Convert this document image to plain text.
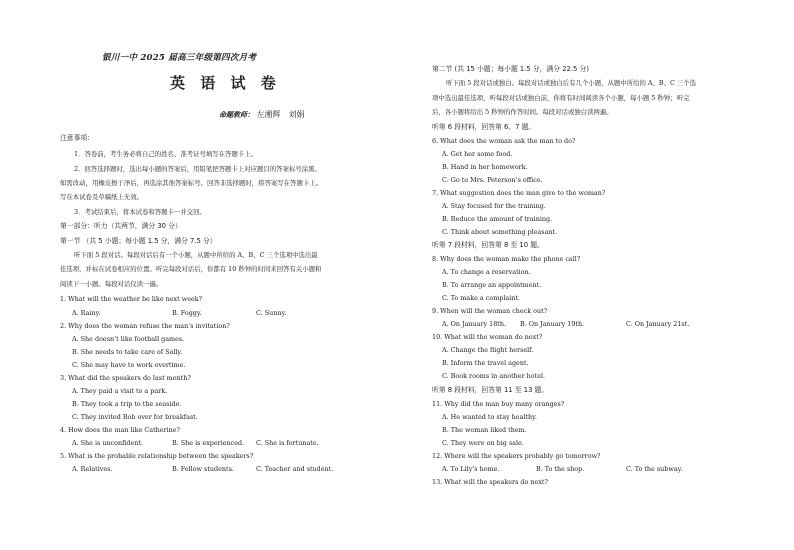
银川一中 2025 届高三年级第四次月考
英 语 试 卷
命题教师： 左湘辉　刘娟
注意事项：
1．答卷前，考生务必将自己的姓名、准考证号填写在答题卡上。
2．回答选择题时，选出每小题的答案后，用铅笔把答题卡上对应题目的答案标号涂黑。
如需改动，用橡皮擦干净后，再选涂其他答案标号。回答非选择题时，将答案写在答题卡上。
写在本试卷及草稿纸上无效。
3．考试结束后，将本试卷和答题卡一并交回。
第一部分：听力（共两节，满分 30 分）
第一节 （共 5 小题；每小题 1.5 分，满分 7.5 分）
听下面 5 段对话。每段对话后有一个小题，从题中所给的 A、B、C 三个选项中选出最
佳选项，并标在试卷相应的位置。听完每段对话后，你都有 10 秒钟的时间来回答有关小题和
阅读下一小题。每段对话仅读一遍。
1. What will the weather be like next week?
A. Rainy.	B. Foggy.	C. Sunny.
2. Why does the woman refuse the man’s invitation?
A. She doesn’t like football games.
B. She needs to take care of Sally.
C. She may have to work overtime.
3. What did the speakers do last month?
A. They paid a visit to a park.
B. They took a trip to the seaside.
C. They invited Bob over for breakfast.
4. How does the man like Catherine?
A. She is unconfident.	B. She is experienced. C. She is fortunate.
5. What is the probable relationship between the speakers?
A. Relatives.	B. Fellow students.	C. Teacher and student.
第二节 (共 15 小题；每小题 1.5 分，满分 22.5 分)
听下面 5 段对话或独白。每段对话或独白后有几个小题，从题中所给的 A、B、C 三个选
项中选出最佳选项，听每段对话或独白前，你将有时间阅读各个小题，每小题 5 秒钟；听完
后，各小题将给出 5 秒钟的作答时间。每段对话或独白读两遍。
听第 6 段材料，回答第 6、7 题。
6. What does the woman ask the man to do?
A. Get her some food.
B. Hand in her homework.
C. Go to Mrs. Peterson’s office.
7. What suggestion does the man give to the woman?
A. Stay focused for the training.
B. Reduce the amount of training.
C. Think about something pleasant.
听第 7 段材料，回答第 8 至 10 题。
8. Why does the woman make the phone call?
A. To change a reservation.
B. To arrange an appointment.
C. To make a complaint.
9. When will the woman check out?
A. On January 18th. B. On January 19th.	C. On January 21st.
10. What will the woman do next?
A. Change the flight herself.
B. Inform the travel agent.
C. Book rooms in another hotel.
听第 8 段材料，回答第 11 至 13 题。
11. Why did the man buy many oranges?
A. He wanted to stay healthy.
B. The woman liked them.
C. They were on big sale.
12. Where will the speakers probably go tomorrow?
A. To Lily’s home.	B. To the shop.	C. To the subway.
13. What will the speakers do next?
